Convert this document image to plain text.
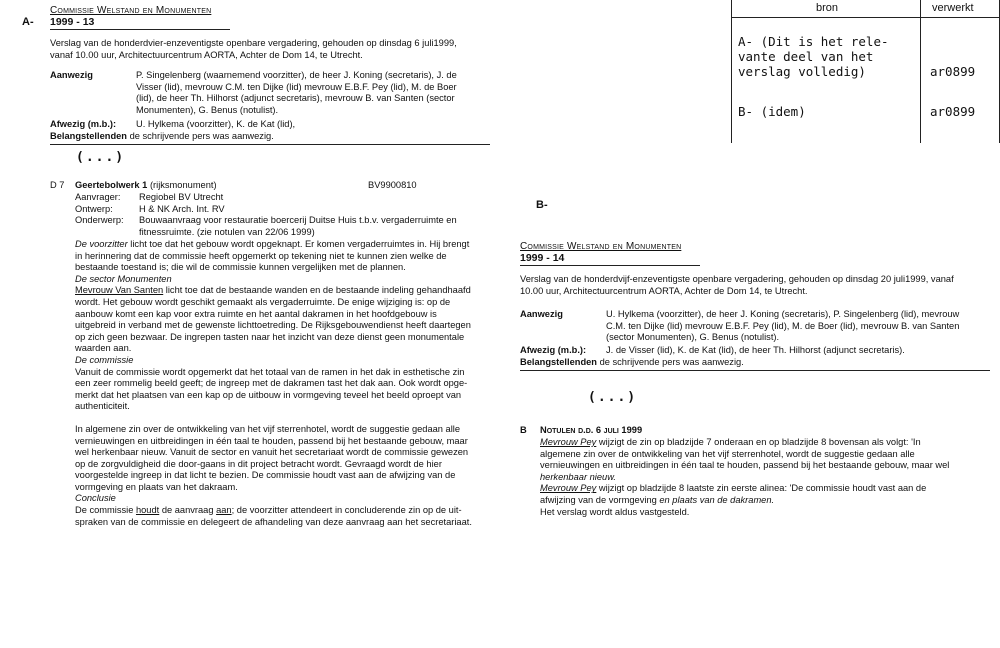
A-
B-
bron	verwerkt
A- (Dit is het rele-
vante deel van het
verslag volledig)	ar0899
B- (idem)	ar0899
Commissie Welstand en Monumenten
1999 - 13
Verslag van de honderdvier-enzeventigste openbare vergadering, gehouden op dinsdag 6 juli1999,
vanaf 10.00 uur, Architectuurcentrum AORTA, Achter de Dom 14, te Utrecht.
Aanwezig	P. Singelenberg (waarnemend voorzitter), de heer J. Koning (secretaris), J. de
Visser (lid), mevrouw C.M. ten Dijke (lid) mevrouw E.B.F. Pey (lid), M. de Boer
(lid), de heer Th. Hilhorst (adjunct secretaris), mevrouw B. van Santen (sector
Monumenten), G. Benus (notulist).
Afwezig (m.b.): U. Hylkema (voorzitter), K. de Kat (lid),
Belangstellenden de schrijvende pers was aanwezig.
(...)
D 7 Geertebolwerk 1 (rijksmonument)	BV9900810
Aanvrager: Regiobel BV Utrecht
Ontwerp:	H & NK Arch. Int. RV
Onderwerp: Bouwaanvraag voor restauratie boercerij Duitse Huis t.b.v. vergaderruimte en
fitnessruimte. (zie notulen van 22/06 1999)
De voorzitter licht toe dat het gebouw wordt opgeknapt. Er komen vergaderruimtes in. Hij brengt
in herinnering dat de commissie heeft opgemerkt op tekening niet te kunnen zien welke de
bestaande toestand is; die wil de commissie kunnen vergelijken met de plannen.
De sector Monumenten
Mevrouw Van Santen licht toe dat de bestaande wanden en de bestaande indeling gehandhaafd
wordt. Het gebouw wordt geschikt gemaakt als vergaderruimte. De enige wijziging is: op de
aanbouw komt een kap voor extra ruimte en het aantal dakramen in het hoofdgebouw is
uitgebreid in verband met de gewenste lichttoetreding. De Rijksgebouwendienst heeft daartegen
op zich geen bezwaar. De ingrepen tasten naar het inzicht van deze dienst geen monumentale
waarden aan.
De commissie
Vanuit de commissie wordt opgemerkt dat het totaal van de ramen in het dak in esthetische zin
een zeer rommelig beeld geeft; de ingreep met de dakramen tast het dak aan. Ook wordt opge-
merkt dat het plaatsen van een kap op de uitbouw in vormgeving teveel het beeld oproept van
authenticiteit.
In algemene zin over de ontwikkeling van het vijf sterrenhotel, wordt de suggestie gedaan alle
vernieuwingen en uitbreidingen in één taal te houden, passend bij het bestaande gebouw, maar
wel herkenbaar nieuw. Vanuit de sector en vanuit het secretariaat wordt de commissie gewezen
op de zorgvuldigheid die door-gaans in dit project betracht wordt. Gevraagd wordt de hier
voorgestelde ingreep in dat licht te bezien. De commissie houdt vast aan de afwijzing van de
vormgeving en plaats van het dakraam.
Conclusie
De commissie houdt de aanvraag aan; de voorzitter attendeert in concluderende zin op de uit-
spraken van de commissie en delegeert de afhandeling van deze aanvraag aan het secretariaat.
Commissie Welstand en Monumenten
1999 - 14
Verslag van de honderdvijf-enzeventigste openbare vergadering, gehouden op dinsdag 20 juli1999, vanaf
10.00 uur, Architectuurcentrum AORTA, Achter de Dom 14, te Utrecht.
Aanwezig	U. Hylkema (voorzitter), de heer J. Koning (secretaris), P. Singelenberg (lid), mevrouw
C.M. ten Dijke (lid) mevrouw E.B.F. Pey (lid), M. de Boer (lid), mevrouw B. van Santen
(sector Monumenten), G. Benus (notulist).
Afwezig (m.b.): J. de Visser (lid), K. de Kat (lid), de heer Th. Hilhorst (adjunct secretaris).
Belangstellenden de schrijvende pers was aanwezig.
(...)
B Notulen d.d. 6 juli 1999
Mevrouw Pey wijzigt de zin op bladzijde 7 onderaan en op bladzijde 8 bovensan als volgt: 'In
algemene zin over de ontwikkeling van het vijf sterrenhotel, wordt de suggestie gedaan alle
vernieuwingen en uitbreidingen in één taal te houden, passend bij het bestaande gebouw, maar wel
herkenbaar nieuw.
Mevrouw Pey wijzigt op bladzijde 8 laatste zin eerste alinea: 'De commissie houdt vast aan de
afwijzing van de vormgeving en plaats van de dakramen.
Het verslag wordt aldus vastgesteld.
